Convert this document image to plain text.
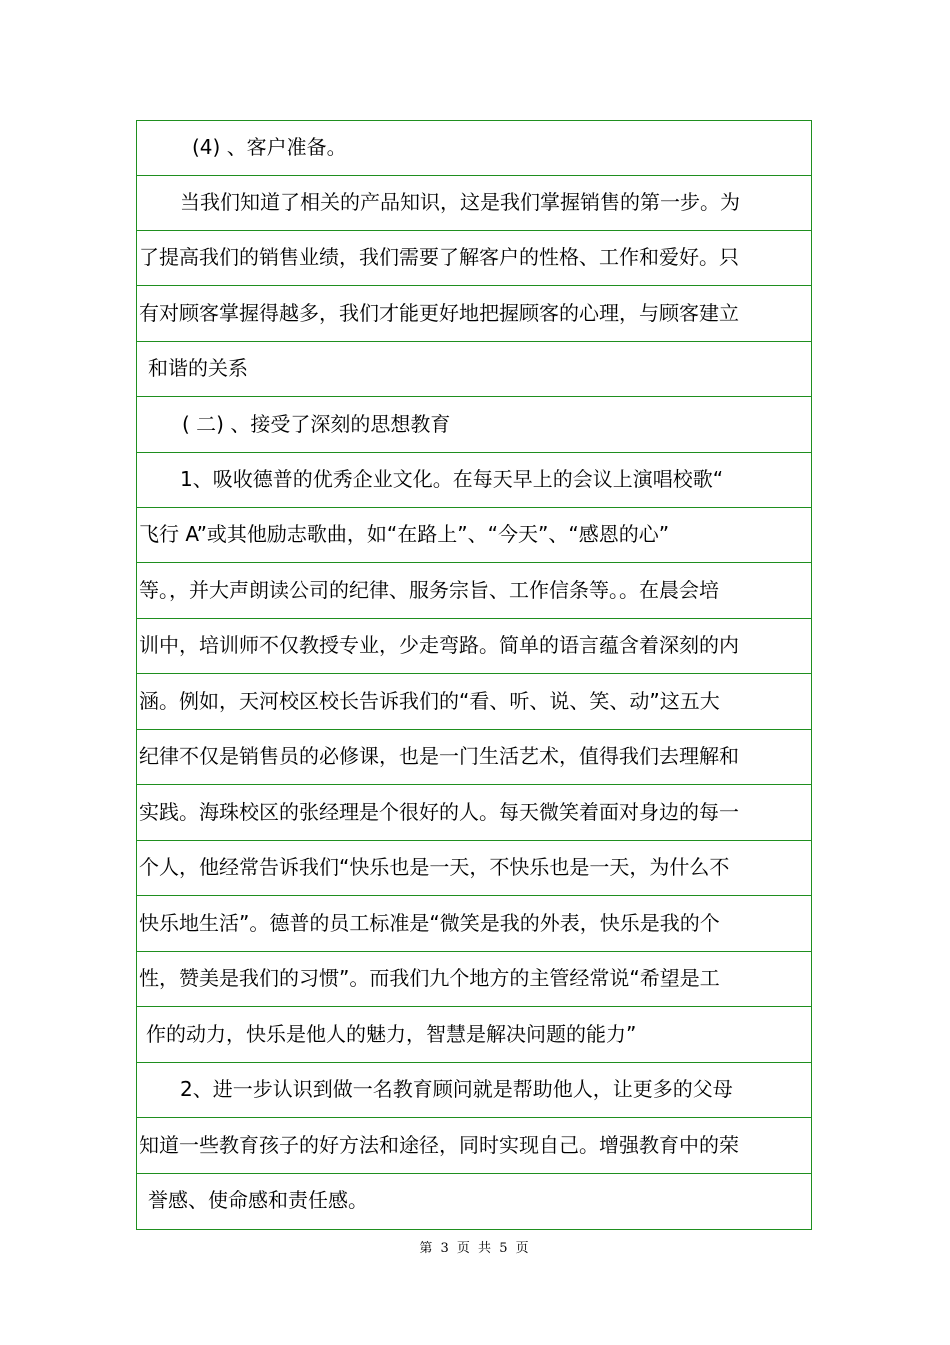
(4) 、客户准备。
当我们知道了相关的产品知识，这是我们掌握销售的第一步。为
了提高我们的销售业绩，我们需要了解客户的性格、工作和爱好。只
有对顾客掌握得越多，我们才能更好地把握顾客的心理，与顾客建立
和谐的关系
( 二) 、接受了深刻的思想教育
1、吸收德普的优秀企业文化。在每天早上的会议上演唱校歌“
飞行 A”或其他励志歌曲，如“在路上”、“今天”、“感恩的心”
等。，并大声朗读公司的纪律、服务宗旨、工作信条等。。在晨会培
训中，培训师不仅教授专业，少走弯路。简单的语言蕴含着深刻的内
涵。例如，天河校区校长告诉我们的“看、听、说、笑、动”这五大
纪律不仅是销售员的必修课，也是一门生活艺术，值得我们去理解和
实践。海珠校区的张经理是个很好的人。每天微笑着面对身边的每一
个人，他经常告诉我们“快乐也是一天，不快乐也是一天，为什么不
快乐地生活”。德普的员工标准是“微笑是我的外表，快乐是我的个
性，赞美是我们的习惯”。而我们九个地方的主管经常说“希望是工
作的动力，快乐是他人的魅力，智慧是解决问题的能力”
2、进一步认识到做一名教育顾问就是帮助他人，让更多的父母
知道一些教育孩子的好方法和途径，同时实现自己。增强教育中的荣
誉感、使命感和责任感。
第 3 页 共 5 页
